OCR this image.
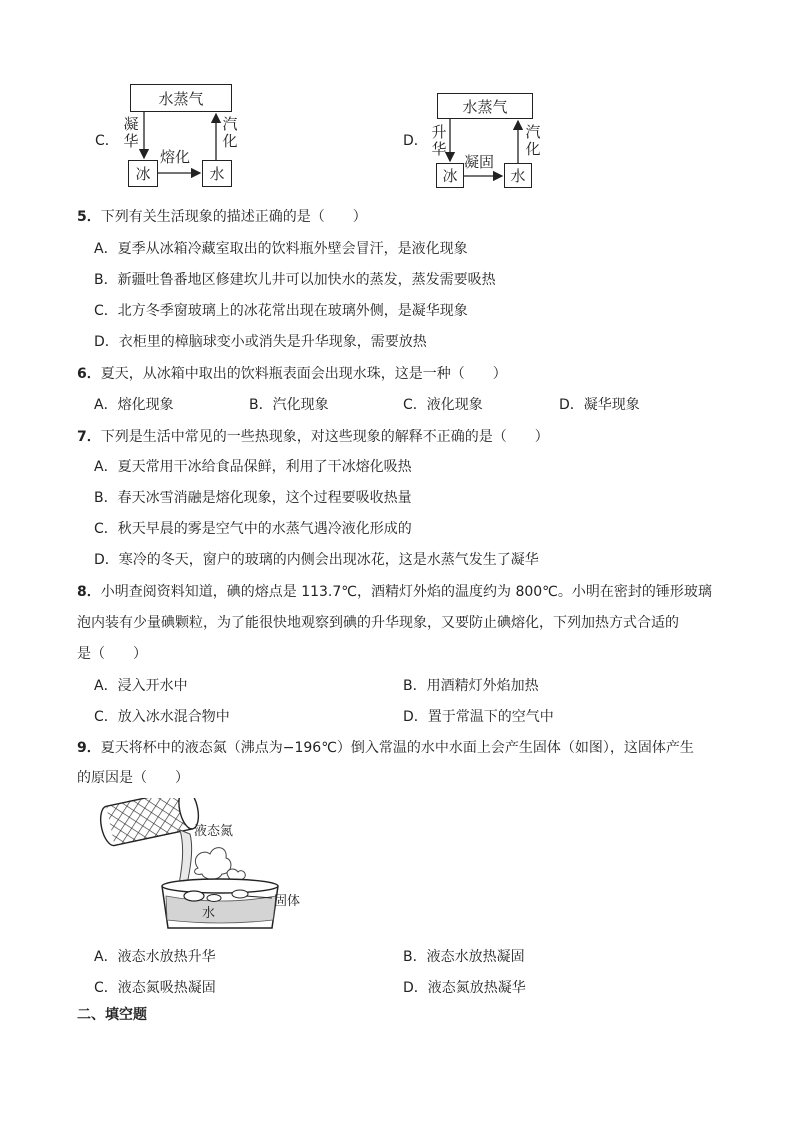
C．
水蒸气
冰	水
凝
华
汽
化
熔化
D．
水蒸气
冰	水
升
华
汽
化
凝固
5．下列有关生活现象的描述正确的是（　　）
A．夏季从冰箱冷藏室取出的饮料瓶外壁会冒汗，是液化现象
B．新疆吐鲁番地区修建坎儿井可以加快水的蒸发，蒸发需要吸热
C．北方冬季窗玻璃上的冰花常出现在玻璃外侧，是凝华现象
D．衣柜里的樟脑球变小或消失是升华现象，需要放热
6．夏天，从冰箱中取出的饮料瓶表面会出现水珠，这是一种（　　）
A．熔化现象	B．汽化现象	C．液化现象	D．凝华现象
7．下列是生活中常见的一些热现象，对这些现象的解释不正确的是（　　）
A．夏天常用干冰给食品保鲜，利用了干冰熔化吸热
B．春天冰雪消融是熔化现象，这个过程要吸收热量
C．秋天早晨的雾是空气中的水蒸气遇冷液化形成的
D．寒冷的冬天，窗户的玻璃的内侧会出现冰花，这是水蒸气发生了凝华
8．小明查阅资料知道，碘的熔点是 113.7℃，酒精灯外焰的温度约为 800℃。小明在密封的锤形玻璃
泡内装有少量碘颗粒，为了能很快地观察到碘的升华现象，又要防止碘熔化，下列加热方式合适的
是（　　）
A．浸入开水中	B．用酒精灯外焰加热
C．放入冰水混合物中	D．置于常温下的空气中
9．夏天将杯中的液态氮（沸点为−196℃）倒入常温的水中水面上会产生固体（如图），这固体产生
的原因是（　　）
液态氮
固体
水
A．液态水放热升华	B．液态水放热凝固
C．液态氮吸热凝固	D．液态氮放热凝华
二、填空题
